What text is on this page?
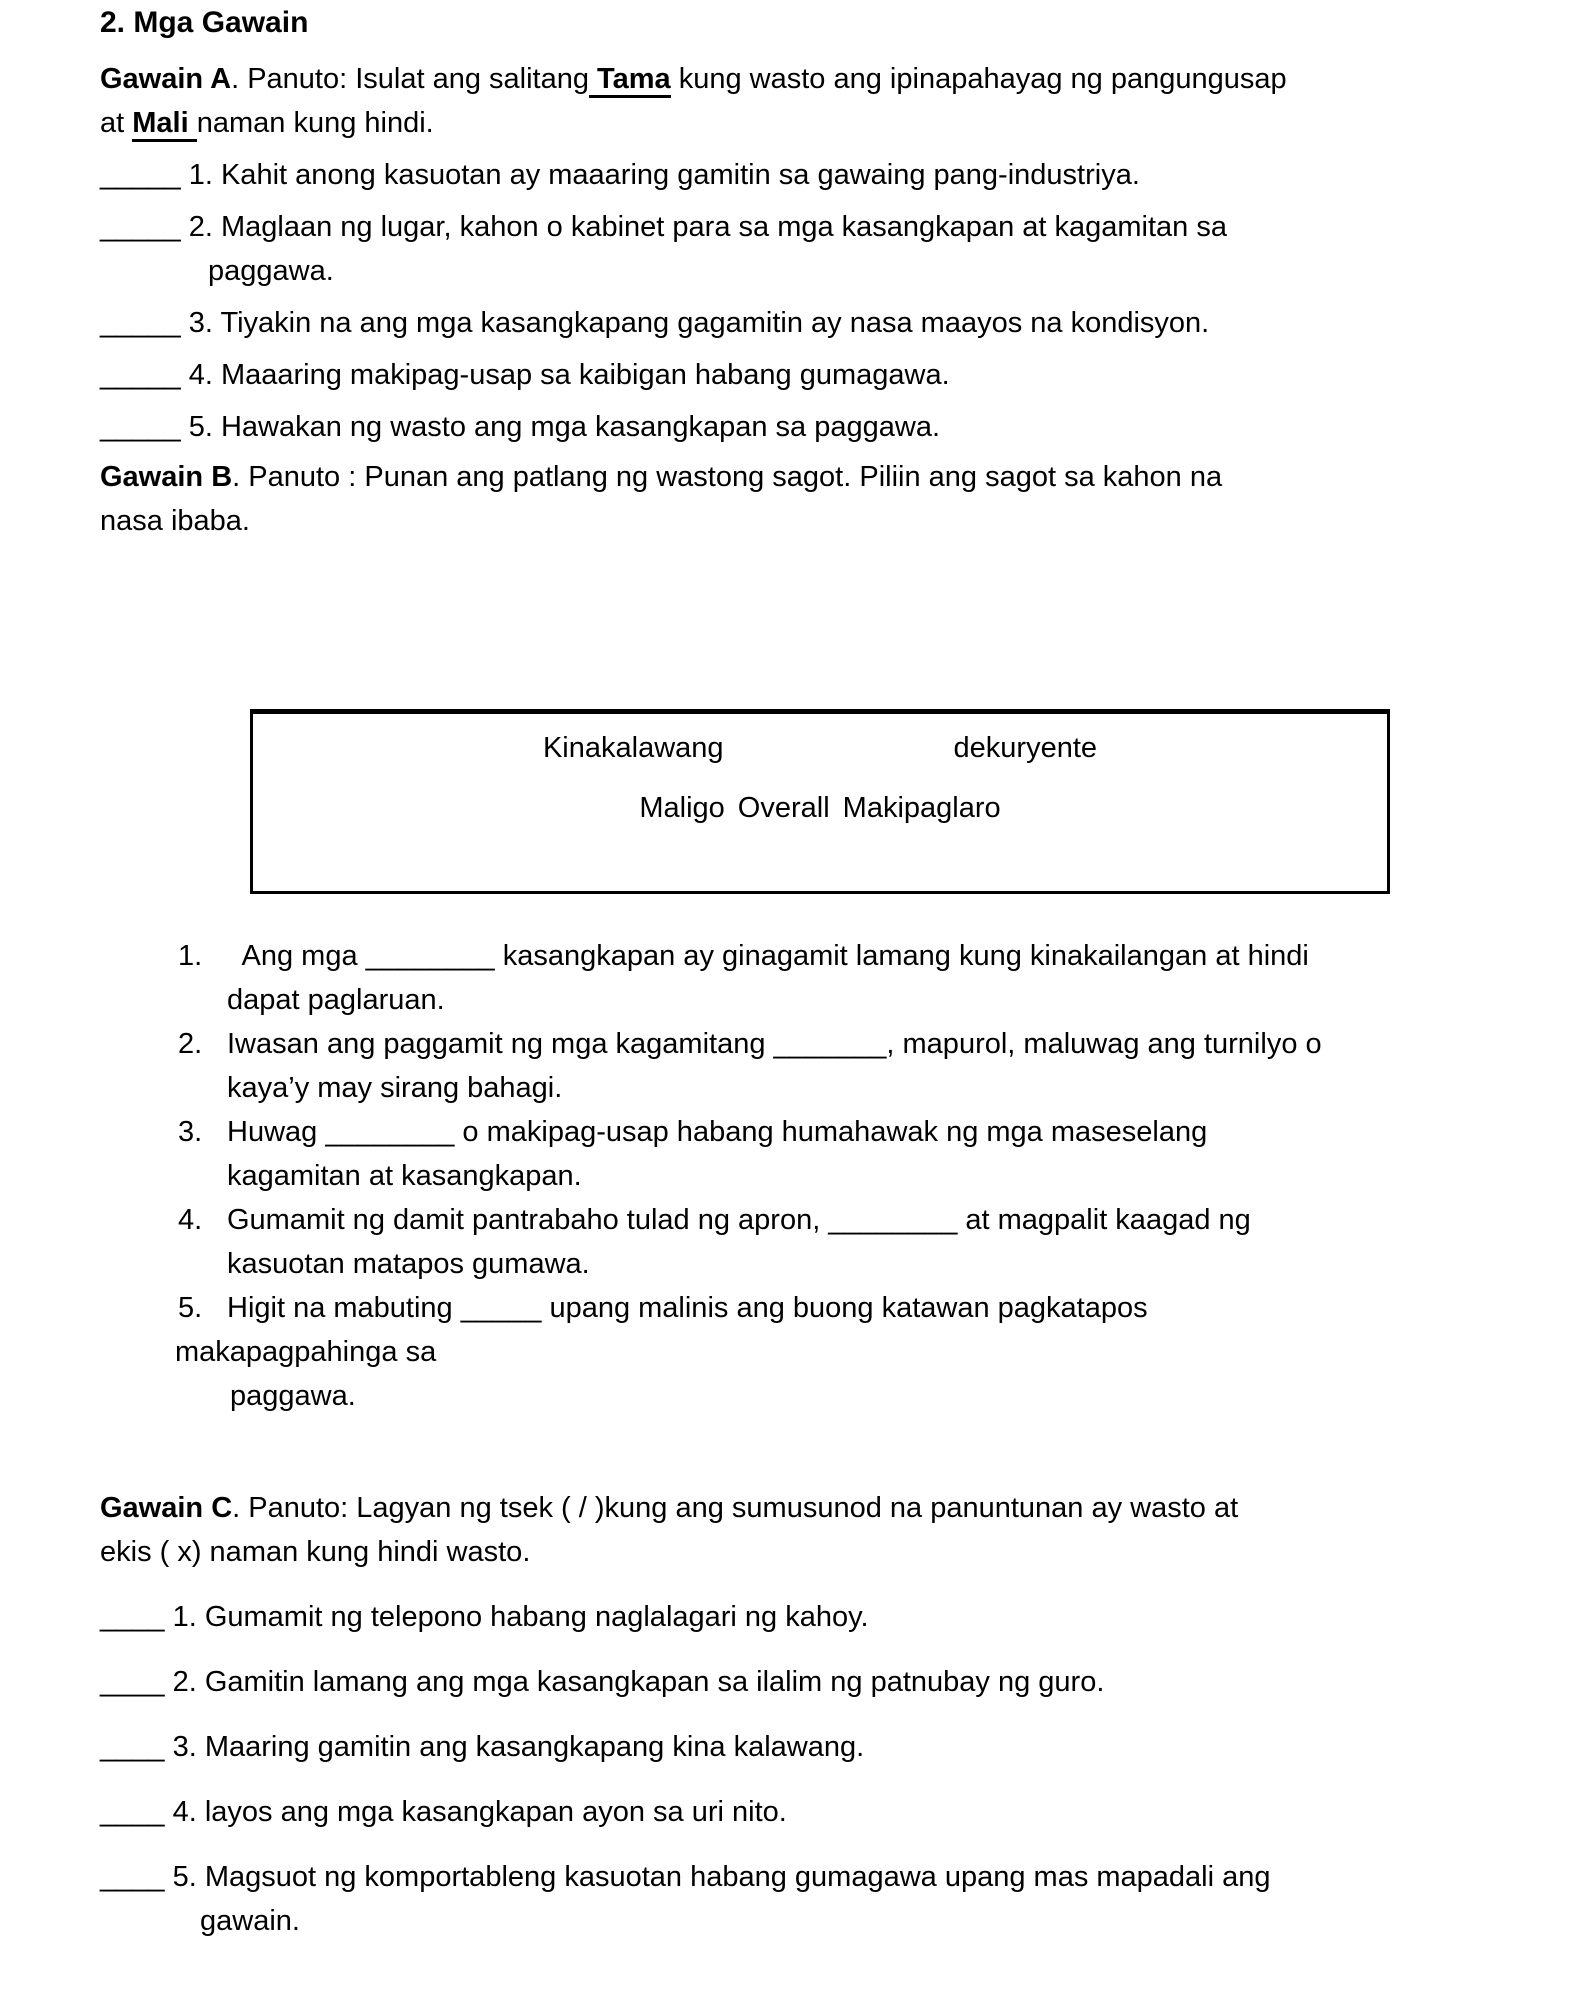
2. Mga Gawain

Gawain A. Panuto: Isulat ang salitang Tama kung wasto ang ipinapahayag ng pangungusap
at Mali naman kung hindi.

_____ 1. Kahit anong kasuotan ay maaaring gamitin sa gawaing pang-industriya.
_____ 2. Maglaan ng lugar, kahon o kabinet para sa mga kasangkapan at kagamitan sa
paggawa.
_____ 3. Tiyakin na ang mga kasangkapang gagamitin ay nasa maayos na kondisyon.
_____ 4. Maaaring makipag-usap sa kaibigan habang gumagawa.
_____ 5. Hawakan ng wasto ang mga kasangkapan sa paggawa.

Gawain B. Panuto : Punan ang patlang ng wastong sagot. Piliin ang sagot sa kahon na
nasa ibaba.

Kinakalawang	dekuryente
Maligo Overall Makipaglaro
1. Ang mga ________ kasangkapan ay ginagamit lamang kung kinakailangan at hindi
dapat paglaruan.
2. Iwasan ang paggamit ng mga kagamitang _______, mapurol, maluwag ang turnilyo o
kaya’y may sirang bahagi.
3. Huwag ________ o makipag-usap habang humahawak ng mga maseselang
kagamitan at kasangkapan.
4. Gumamit ng damit pantrabaho tulad ng apron, ________ at magpalit kaagad ng
kasuotan matapos gumawa.
5. Higit na mabuting _____ upang malinis ang buong katawan pagkatapos
makapagpahinga sa
paggawa.

Gawain C. Panuto: Lagyan ng tsek ( / )kung ang sumusunod na panuntunan ay wasto at
ekis ( x) naman kung hindi wasto.

____ 1. Gumamit ng telepono habang naglalagari ng kahoy.
____ 2. Gamitin lamang ang mga kasangkapan sa ilalim ng patnubay ng guro.
____ 3. Maaring gamitin ang kasangkapang kina kalawang.
____ 4. layos ang mga kasangkapan ayon sa uri nito.
____ 5. Magsuot ng komportableng kasuotan habang gumagawa upang mas mapadali ang
gawain.
